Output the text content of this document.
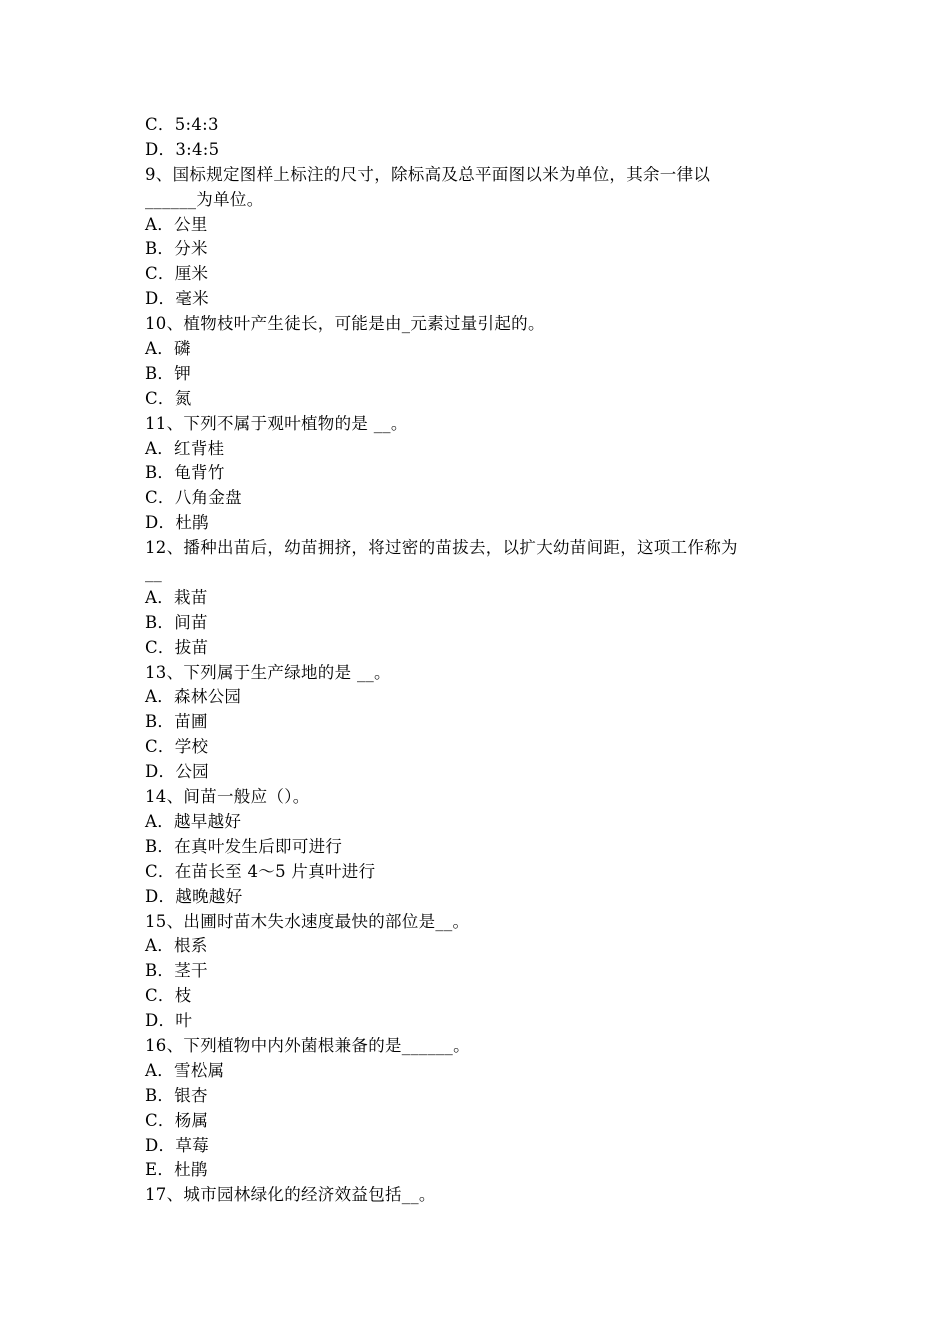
C．5:4:3
D．3:4:5
9、国标规定图样上标注的尺寸，除标高及总平面图以米为单位，其余一律以
______为单位。
A．公里
B．分米
C．厘米
D．毫米
10、植物枝叶产生徒长，可能是由_元素过量引起的。
A．磷
B．钾
C．氮
11、下列不属于观叶植物的是 __。
A．红背桂
B．龟背竹
C．八角金盘
D．杜鹃
12、播种出苗后，幼苗拥挤，将过密的苗拔去，以扩大幼苗间距，这项工作称为
__
A．栽苗
B．间苗
C．拔苗
13、下列属于生产绿地的是 __。
A．森林公园
B．苗圃
C．学校
D．公园
14、间苗一般应（）。
A．越早越好
B．在真叶发生后即可进行
C．在苗长至 4～5 片真叶进行
D．越晚越好
15、出圃时苗木失水速度最快的部位是__。
A．根系
B．茎干
C．枝
D．叶
16、下列植物中内外菌根兼备的是______。
A．雪松属
B．银杏
C．杨属
D．草莓
E．杜鹃
17、城市园林绿化的经济效益包括__。
